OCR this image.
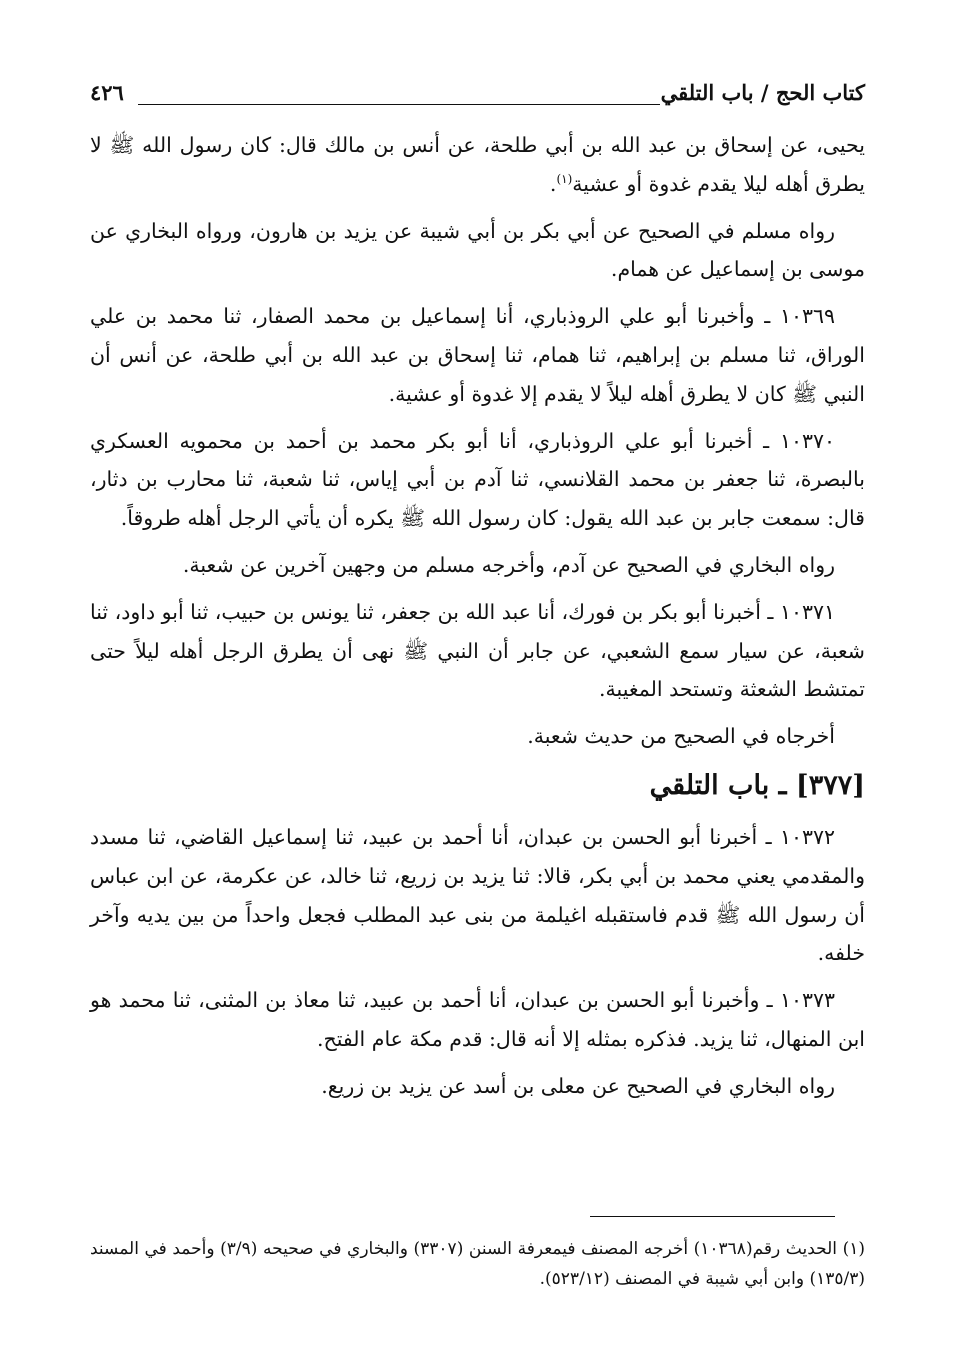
كتاب الحج / باب التلقي
٤٢٦

يحيى، عن إسحاق بن عبد الله بن أبي طلحة، عن أنس بن مالك قال: كان رسول الله ﷺ لا يطرق أهله ليلا يقدم غدوة أو عشية$^{(١)}$.

رواه مسلم في الصحيح عن أبي بكر بن أبي شيبة عن يزيد بن هارون، ورواه البخاري عن موسى بن إسماعيل عن همام.

١٠٣٦٩ ـ وأخبرنا أبو علي الروذباري، أنا إسماعيل بن محمد الصفار، ثنا محمد بن علي الوراق، ثنا مسلم بن إبراهيم، ثنا همام، ثنا إسحاق بن عبد الله بن أبي طلحة، عن أنس أن النبي ﷺ كان لا يطرق أهله ليلاً لا يقدم إلا غدوة أو عشية.

١٠٣٧٠ ـ أخبرنا أبو علي الروذباري، أنا أبو بكر محمد بن أحمد بن محمويه العسكري بالبصرة، ثنا جعفر بن محمد القلانسي، ثنا آدم بن أبي إياس، ثنا شعبة، ثنا محارب بن دثار، قال: سمعت جابر بن عبد الله يقول: كان رسول الله ﷺ يكره أن يأتي الرجل أهله طروقاً.

رواه البخاري في الصحيح عن آدم، وأخرجه مسلم من وجهين آخرين عن شعبة.

١٠٣٧١ ـ أخبرنا أبو بكر بن فورك، أنا عبد الله بن جعفر، ثنا يونس بن حبيب، ثنا أبو داود، ثنا شعبة، عن سيار سمع الشعبي، عن جابر أن النبي ﷺ نهى أن يطرق الرجل أهله ليلاً حتى تمتشط الشعثة وتستحد المغيبة.

أخرجاه في الصحيح من حديث شعبة.

[٣٧٧] ـ باب التلقي

١٠٣٧٢ ـ أخبرنا أبو الحسن بن عبدان، أنا أحمد بن عبيد، ثنا إسماعيل القاضي، ثنا مسدد والمقدمي يعني محمد بن أبي بكر، قالا: ثنا يزيد بن زريع، ثنا خالد، عن عكرمة، عن ابن عباس أن رسول الله ﷺ قدم فاستقبله اغيلمة من بنى عبد المطلب فجعل واحداً من بين يديه وآخر خلفه.

١٠٣٧٣ ـ وأخبرنا أبو الحسن بن عبدان، أنا أحمد بن عبيد، ثنا معاذ بن المثنى، ثنا محمد هو ابن المنهال، ثنا يزيد. فذكره بمثله إلا أنه قال: قدم مكة عام الفتح.

رواه البخاري في الصحيح عن معلى بن أسد عن يزيد بن زريع.

(١) الحديث رقم(١٠٣٦٨) أخرجه المصنف فيمعرفة السنن (٣٣٠٧) والبخاري في صحيحه (٣/٩) وأحمد في المسند (١٣٥/٣) وابن أبي شيبة في المصنف (٥٢٣/١٢).
